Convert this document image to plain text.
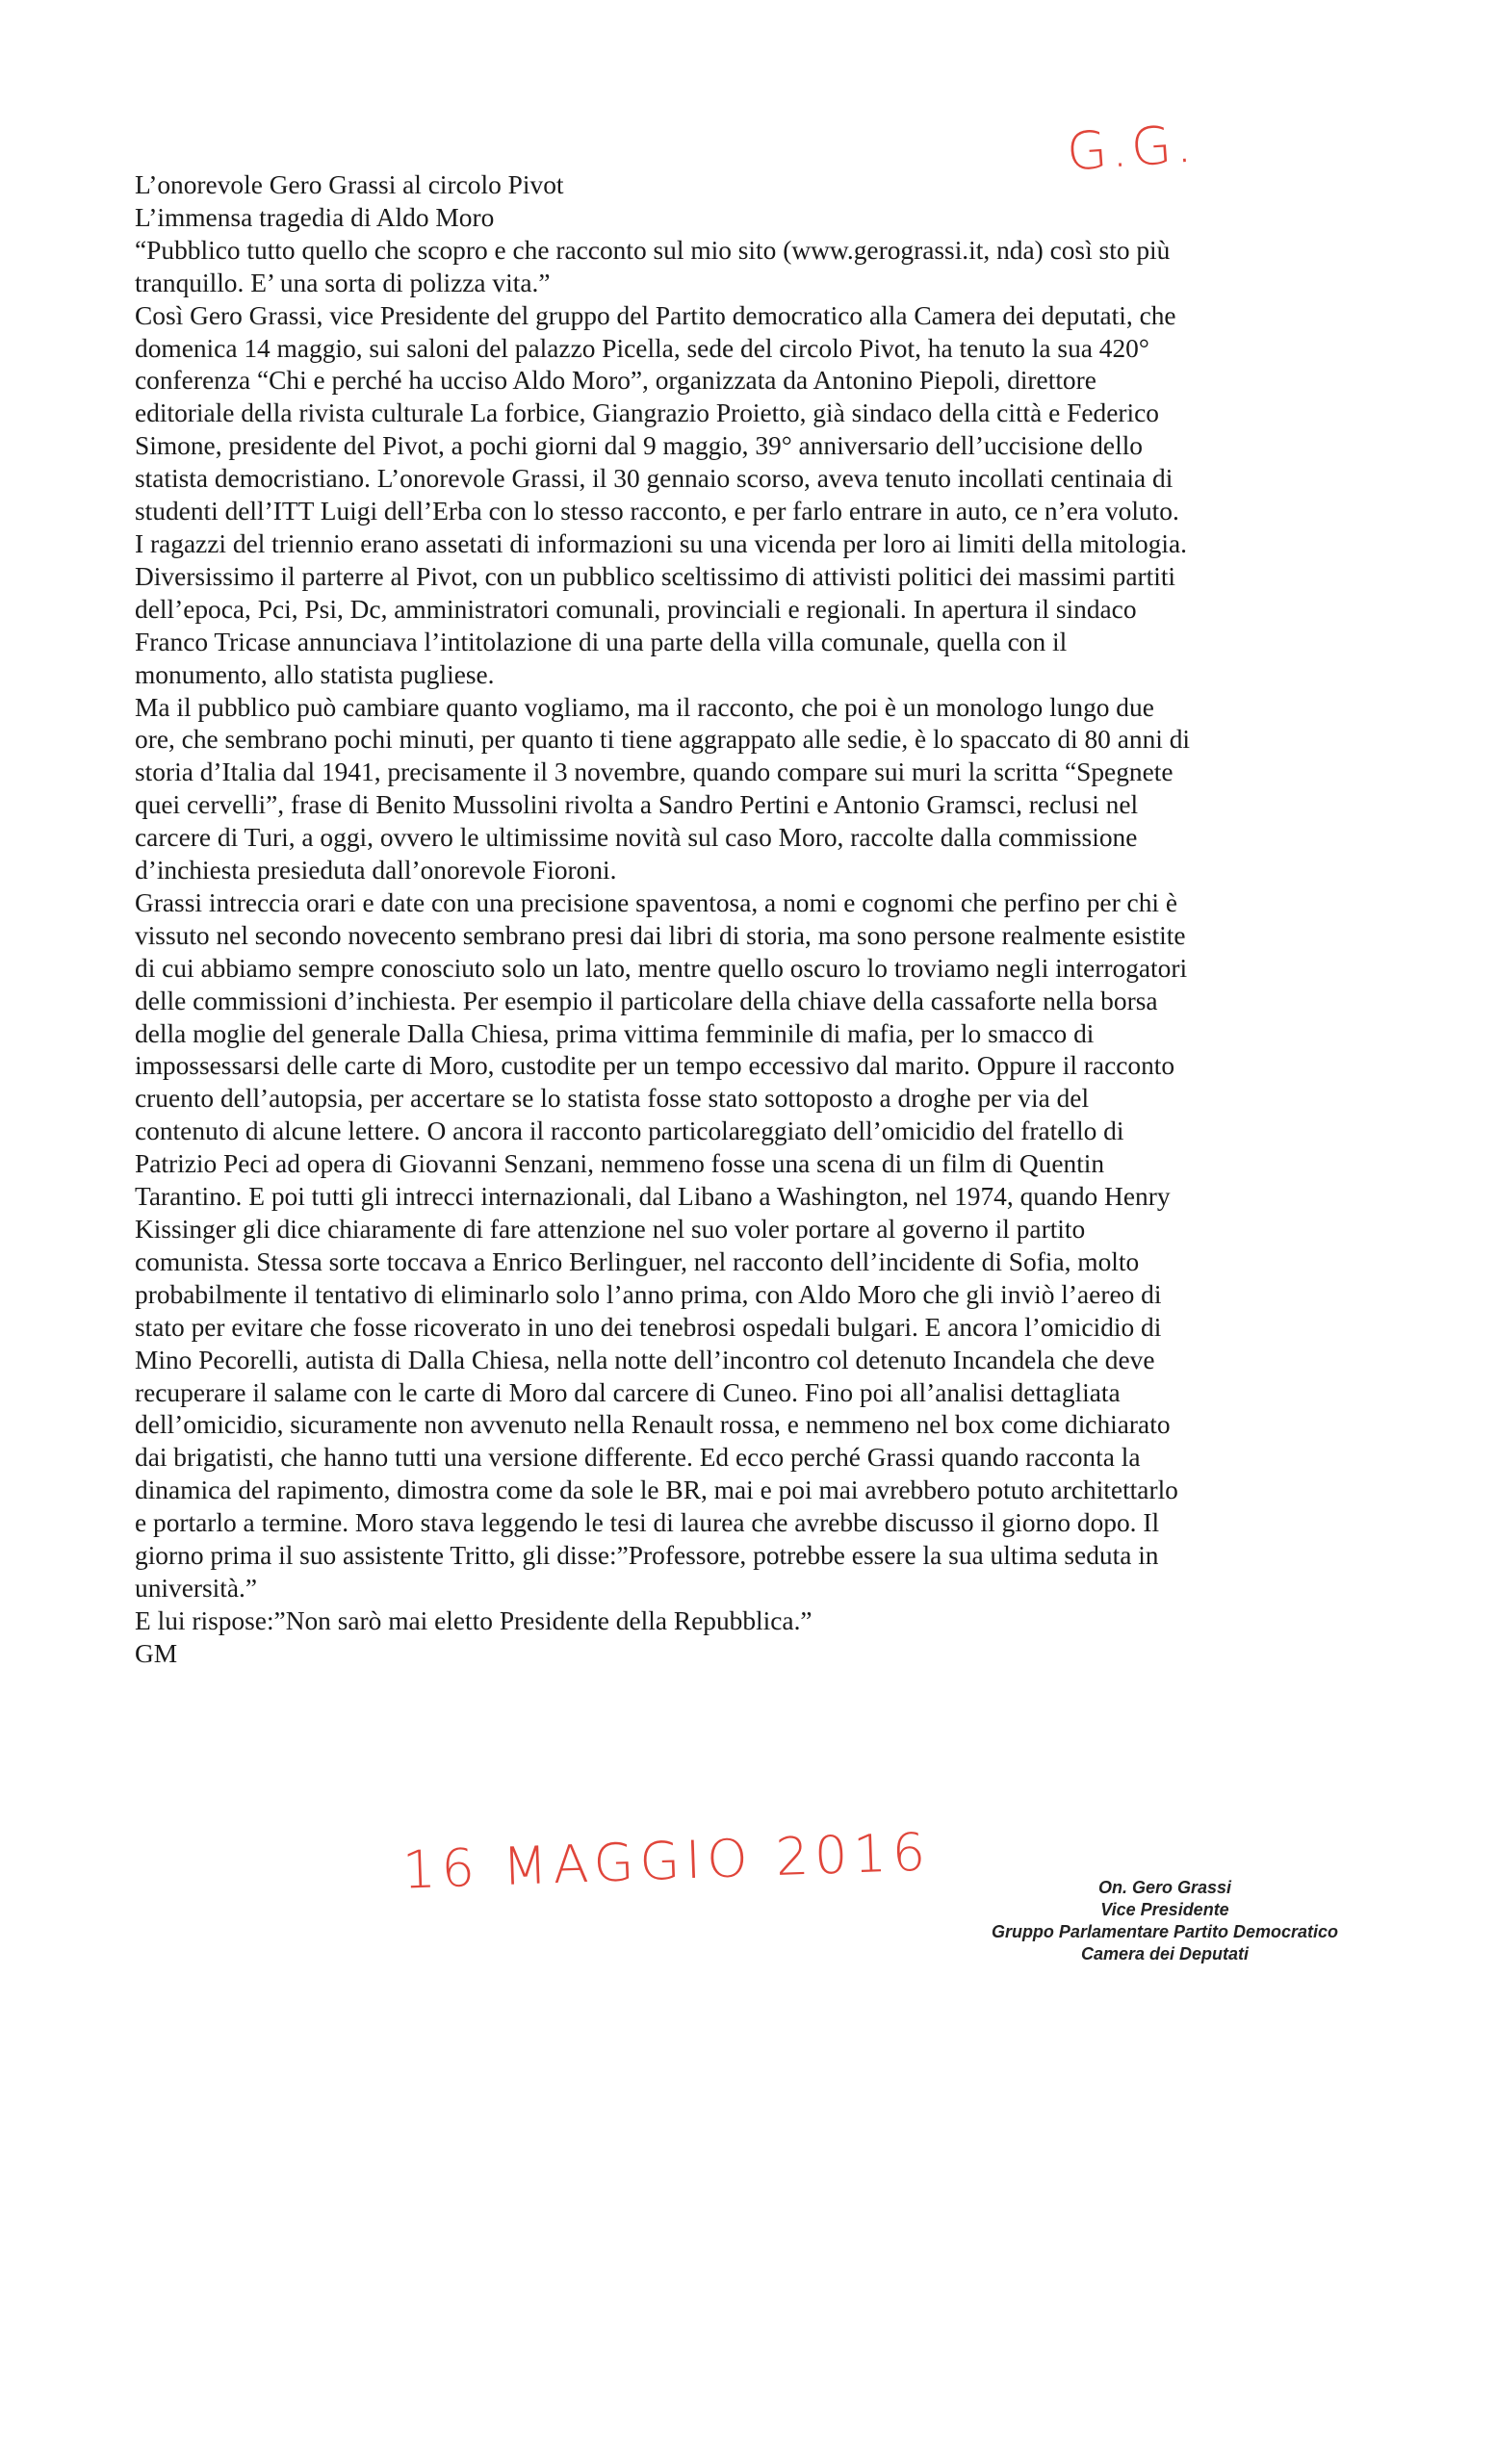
G.G.
L’onorevole Gero Grassi al circolo Pivot
L’immensa tragedia di Aldo Moro
“Pubblico tutto quello che scopro e che racconto sul mio sito (www.gerograssi.it, nda) così sto più
tranquillo. E’ una sorta di polizza vita.”
Così Gero Grassi, vice Presidente del gruppo del Partito democratico alla Camera dei deputati, che
domenica 14 maggio, sui saloni del palazzo Picella, sede del circolo Pivot, ha tenuto la sua 420°
conferenza “Chi e perché ha ucciso Aldo Moro”, organizzata da Antonino Piepoli, direttore
editoriale della rivista culturale La forbice, Giangrazio Proietto, già sindaco della città e Federico
Simone, presidente del Pivot, a pochi giorni dal 9 maggio, 39° anniversario dell’uccisione dello
statista democristiano. L’onorevole Grassi, il 30 gennaio scorso, aveva tenuto incollati centinaia di
studenti dell’ITT Luigi dell’Erba con lo stesso racconto, e per farlo entrare in auto, ce n’era voluto.
I ragazzi del triennio erano assetati di informazioni su una vicenda per loro ai limiti della mitologia.
Diversissimo il parterre al Pivot, con un pubblico sceltissimo di attivisti politici dei massimi partiti
dell’epoca, Pci, Psi, Dc, amministratori comunali, provinciali e regionali. In apertura il sindaco
Franco Tricase annunciava l’intitolazione di una parte della villa comunale, quella con il
monumento, allo statista pugliese.
Ma il pubblico può cambiare quanto vogliamo, ma il racconto, che poi è un monologo lungo due
ore, che sembrano pochi minuti, per quanto ti tiene aggrappato alle sedie, è lo spaccato di 80 anni di
storia d’Italia dal 1941, precisamente il 3 novembre, quando compare sui muri la scritta “Spegnete
quei cervelli”, frase di Benito Mussolini rivolta a Sandro Pertini e Antonio Gramsci, reclusi nel
carcere di Turi, a oggi, ovvero le ultimissime novità sul caso Moro, raccolte dalla commissione
d’inchiesta presieduta dall’onorevole Fioroni.
Grassi intreccia orari e date con una precisione spaventosa, a nomi e cognomi che perfino per chi è
vissuto nel secondo novecento sembrano presi dai libri di storia, ma sono persone realmente esistite
di cui abbiamo sempre conosciuto solo un lato, mentre quello oscuro lo troviamo negli interrogatori
delle commissioni d’inchiesta. Per esempio il particolare della chiave della cassaforte nella borsa
della moglie del generale Dalla Chiesa, prima vittima femminile di mafia, per lo smacco di
impossessarsi delle carte di Moro, custodite per un tempo eccessivo dal marito. Oppure il racconto
cruento dell’autopsia, per accertare se lo statista fosse stato sottoposto a droghe per via del
contenuto di alcune lettere. O ancora il racconto particolareggiato dell’omicidio del fratello di
Patrizio Peci ad opera di Giovanni Senzani, nemmeno fosse una scena di un film di Quentin
Tarantino. E poi tutti gli intrecci internazionali, dal Libano a Washington, nel 1974, quando Henry
Kissinger gli dice chiaramente di fare attenzione nel suo voler portare al governo il partito
comunista. Stessa sorte toccava a Enrico Berlinguer, nel racconto dell’incidente di Sofia, molto
probabilmente il tentativo di eliminarlo solo l’anno prima, con Aldo Moro che gli inviò l’aereo di
stato per evitare che fosse ricoverato in uno dei tenebrosi ospedali bulgari. E ancora l’omicidio di
Mino Pecorelli, autista di Dalla Chiesa, nella notte dell’incontro col detenuto Incandela che deve
recuperare il salame con le carte di Moro dal carcere di Cuneo. Fino poi all’analisi dettagliata
dell’omicidio, sicuramente non avvenuto nella Renault rossa, e nemmeno nel box come dichiarato
dai brigatisti, che hanno tutti una versione differente. Ed ecco perché Grassi quando racconta la
dinamica del rapimento, dimostra come da sole le BR, mai e poi mai avrebbero potuto architettarlo
e portarlo a termine. Moro stava leggendo le tesi di laurea che avrebbe discusso il giorno dopo. Il
giorno prima il suo assistente Tritto, gli disse:”Professore, potrebbe essere la sua ultima seduta in
università.”
E lui rispose:”Non sarò mai eletto Presidente della Repubblica.”
GM
16 MAGGIO 2016	On. Gero Grassi
Vice Presidente
Gruppo Parlamentare Partito Democratico
Camera dei Deputati
